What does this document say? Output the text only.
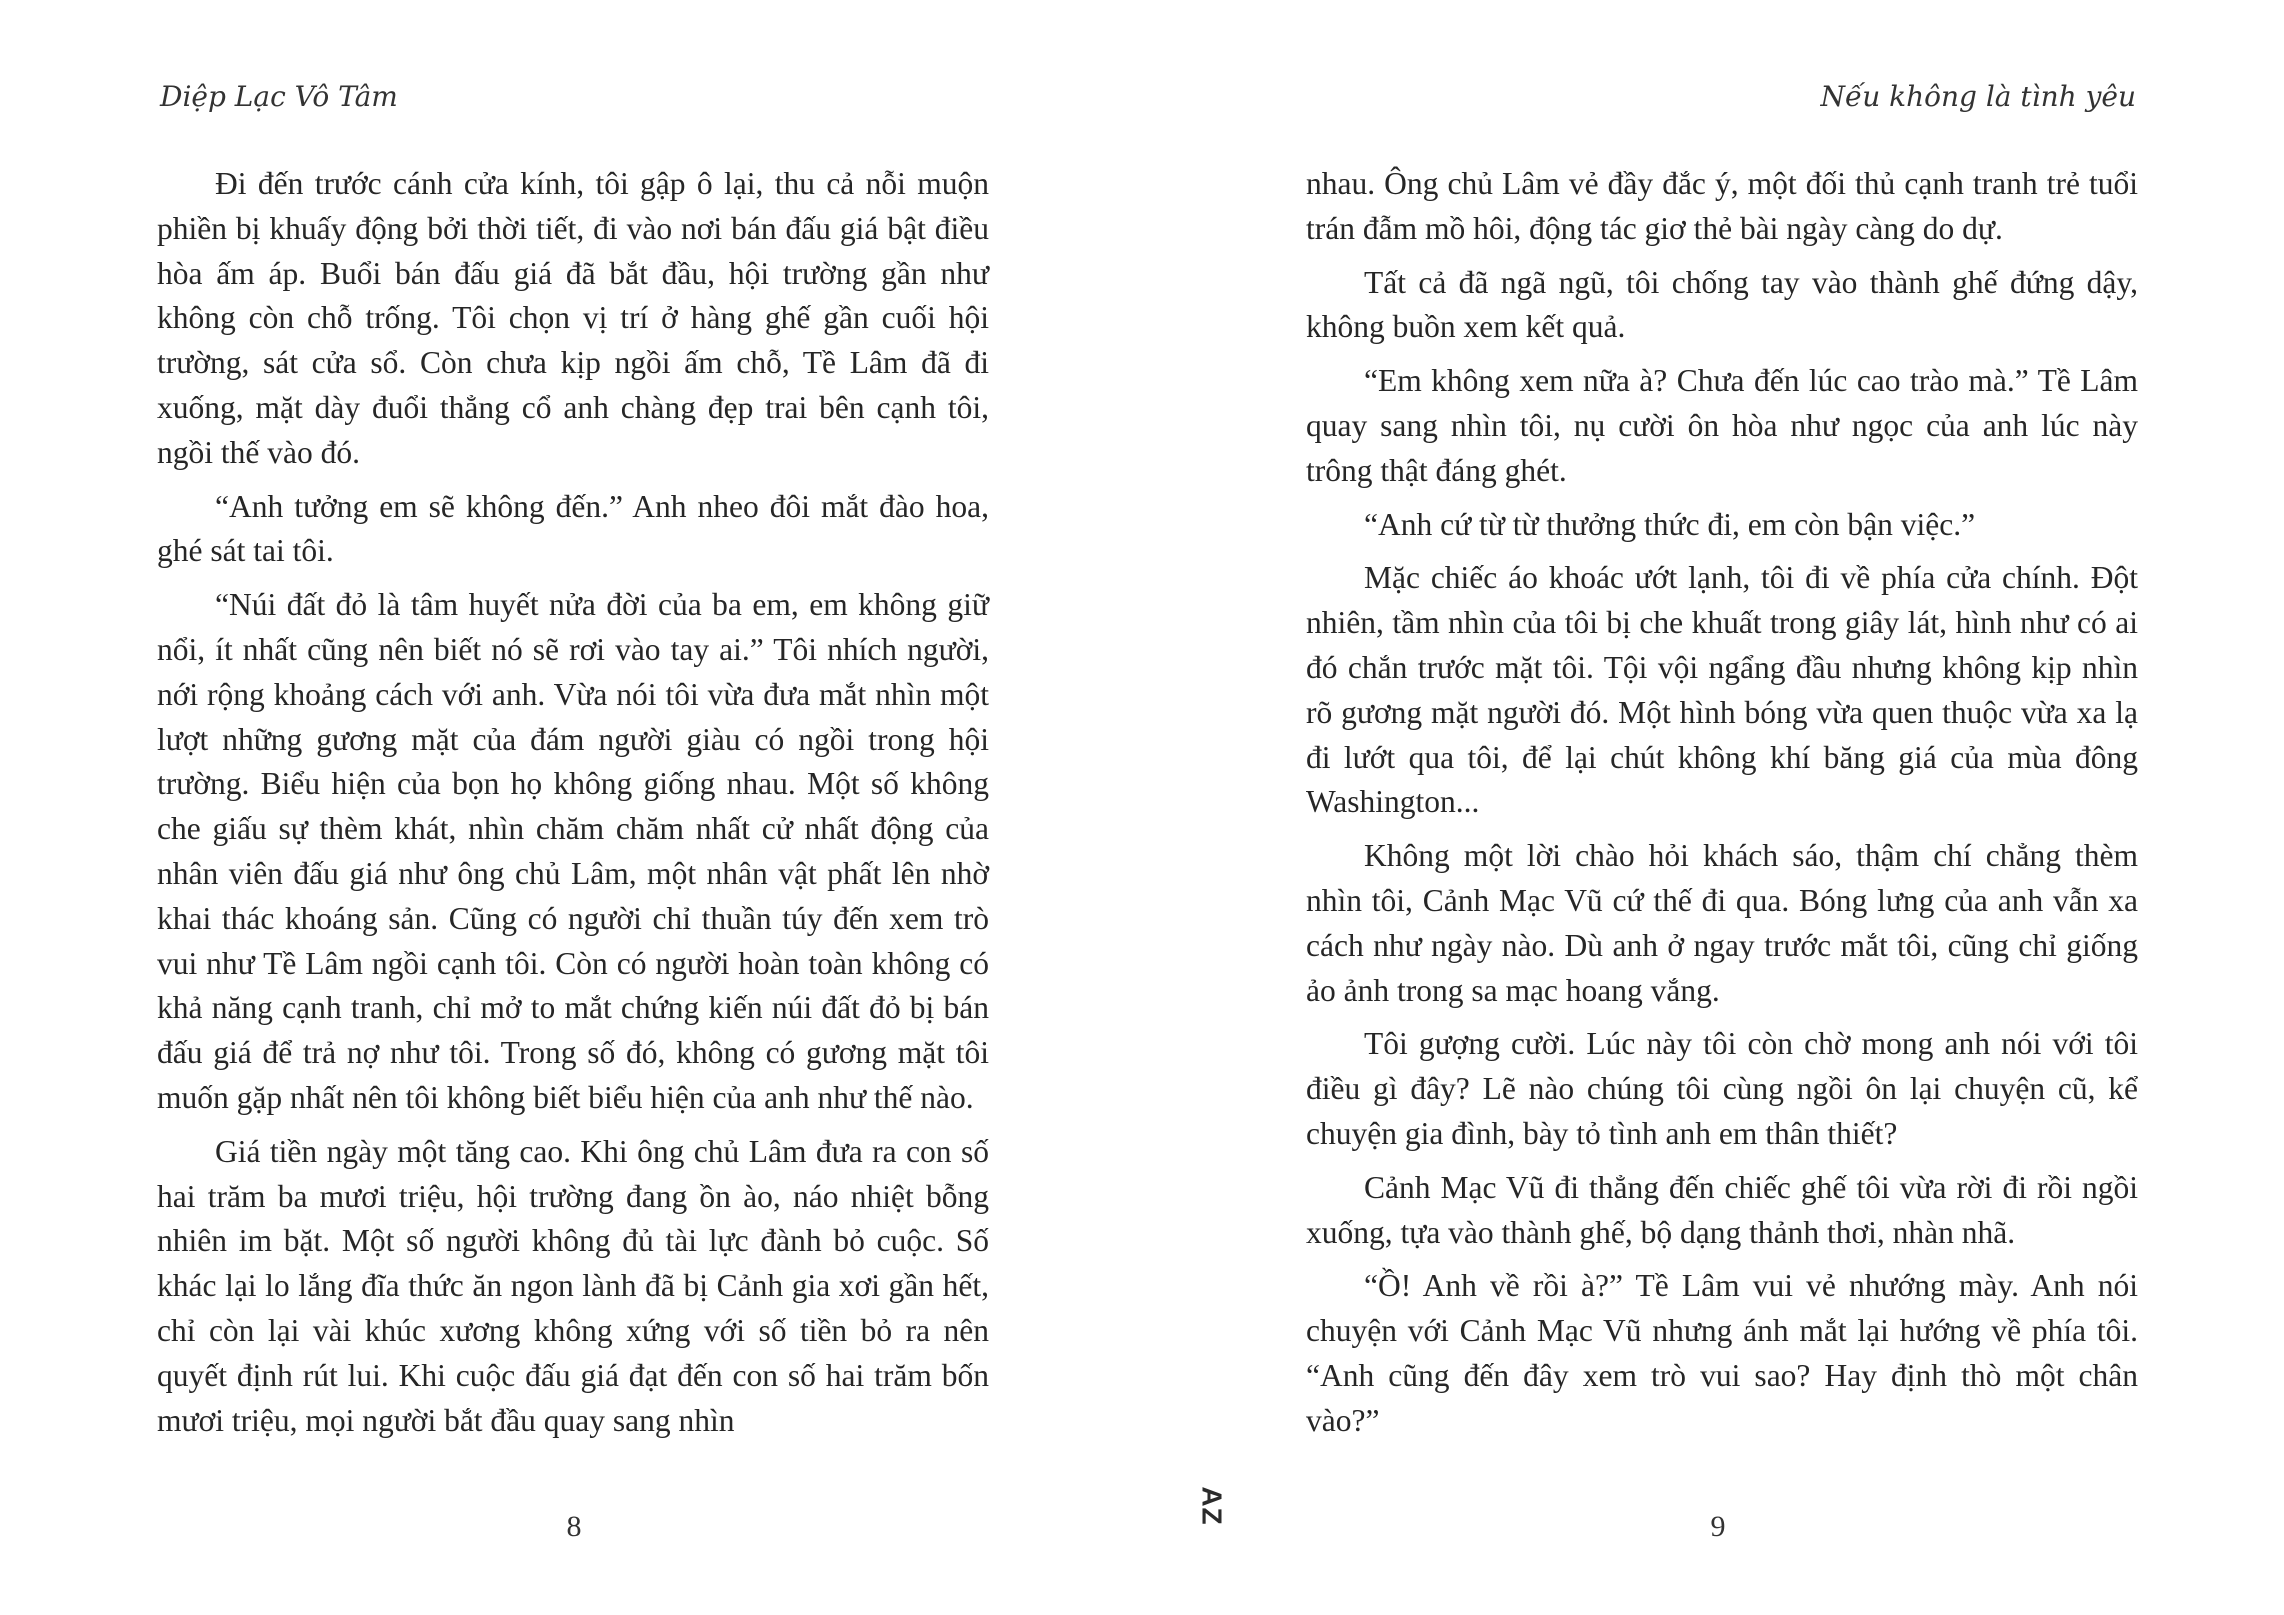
Diệp Lạc Vô Tâm

Đi đến trước cánh cửa kính, tôi gập ô lại, thu cả nỗi muộn phiền bị khuấy động bởi thời tiết, đi vào nơi bán đấu giá bật điều hòa ấm áp. Buổi bán đấu giá đã bắt đầu, hội trường gần như không còn chỗ trống. Tôi chọn vị trí ở hàng ghế gần cuối hội trường, sát cửa sổ. Còn chưa kịp ngồi ấm chỗ, Tề Lâm đã đi xuống, mặt dày đuổi thẳng cổ anh chàng đẹp trai bên cạnh tôi, ngồi thế vào đó.

“Anh tưởng em sẽ không đến.” Anh nheo đôi mắt đào hoa, ghé sát tai tôi.

“Núi đất đỏ là tâm huyết nửa đời của ba em, em không giữ nổi, ít nhất cũng nên biết nó sẽ rơi vào tay ai.” Tôi nhích người, nới rộng khoảng cách với anh. Vừa nói tôi vừa đưa mắt nhìn một lượt những gương mặt của đám người giàu có ngồi trong hội trường. Biểu hiện của bọn họ không giống nhau. Một số không che giấu sự thèm khát, nhìn chăm chăm nhất cử nhất động của nhân viên đấu giá như ông chủ Lâm, một nhân vật phất lên nhờ khai thác khoáng sản. Cũng có người chỉ thuần túy đến xem trò vui như Tề Lâm ngồi cạnh tôi. Còn có người hoàn toàn không có khả năng cạnh tranh, chỉ mở to mắt chứng kiến núi đất đỏ bị bán đấu giá để trả nợ như tôi. Trong số đó, không có gương mặt tôi muốn gặp nhất nên tôi không biết biểu hiện của anh như thế nào.

Giá tiền ngày một tăng cao. Khi ông chủ Lâm đưa ra con số hai trăm ba mươi triệu, hội trường đang ồn ào, náo nhiệt bỗng nhiên im bặt. Một số người không đủ tài lực đành bỏ cuộc. Số khác lại lo lắng đĩa thức ăn ngon lành đã bị Cảnh gia xơi gần hết, chỉ còn lại vài khúc xương không xứng với số tiền bỏ ra nên quyết định rút lui. Khi cuộc đấu giá đạt đến con số hai trăm bốn mươi triệu, mọi người bắt đầu quay sang nhìn

8
AZ
Nếu không là tình yêu

nhau. Ông chủ Lâm vẻ đầy đắc ý, một đối thủ cạnh tranh trẻ tuổi trán đẫm mồ hôi, động tác giơ thẻ bài ngày càng do dự.

Tất cả đã ngã ngũ, tôi chống tay vào thành ghế đứng dậy, không buồn xem kết quả.

“Em không xem nữa à? Chưa đến lúc cao trào mà.” Tề Lâm quay sang nhìn tôi, nụ cười ôn hòa như ngọc của anh lúc này trông thật đáng ghét.

“Anh cứ từ từ thưởng thức đi, em còn bận việc.”

Mặc chiếc áo khoác ướt lạnh, tôi đi về phía cửa chính. Đột nhiên, tầm nhìn của tôi bị che khuất trong giây lát, hình như có ai đó chắn trước mặt tôi. Tội vội ngẩng đầu nhưng không kịp nhìn rõ gương mặt người đó. Một hình bóng vừa quen thuộc vừa xa lạ đi lướt qua tôi, để lại chút không khí băng giá của mùa đông Washington...

Không một lời chào hỏi khách sáo, thậm chí chẳng thèm nhìn tôi, Cảnh Mạc Vũ cứ thế đi qua. Bóng lưng của anh vẫn xa cách như ngày nào. Dù anh ở ngay trước mắt tôi, cũng chỉ giống ảo ảnh trong sa mạc hoang vắng.

Tôi gượng cười. Lúc này tôi còn chờ mong anh nói với tôi điều gì đây? Lẽ nào chúng tôi cùng ngồi ôn lại chuyện cũ, kể chuyện gia đình, bày tỏ tình anh em thân thiết?

Cảnh Mạc Vũ đi thẳng đến chiếc ghế tôi vừa rời đi rồi ngồi xuống, tựa vào thành ghế, bộ dạng thảnh thơi, nhàn nhã.

“Ồ! Anh về rồi à?” Tề Lâm vui vẻ nhướng mày. Anh nói chuyện với Cảnh Mạc Vũ nhưng ánh mắt lại hướng về phía tôi. “Anh cũng đến đây xem trò vui sao? Hay định thò một chân vào?”

9
